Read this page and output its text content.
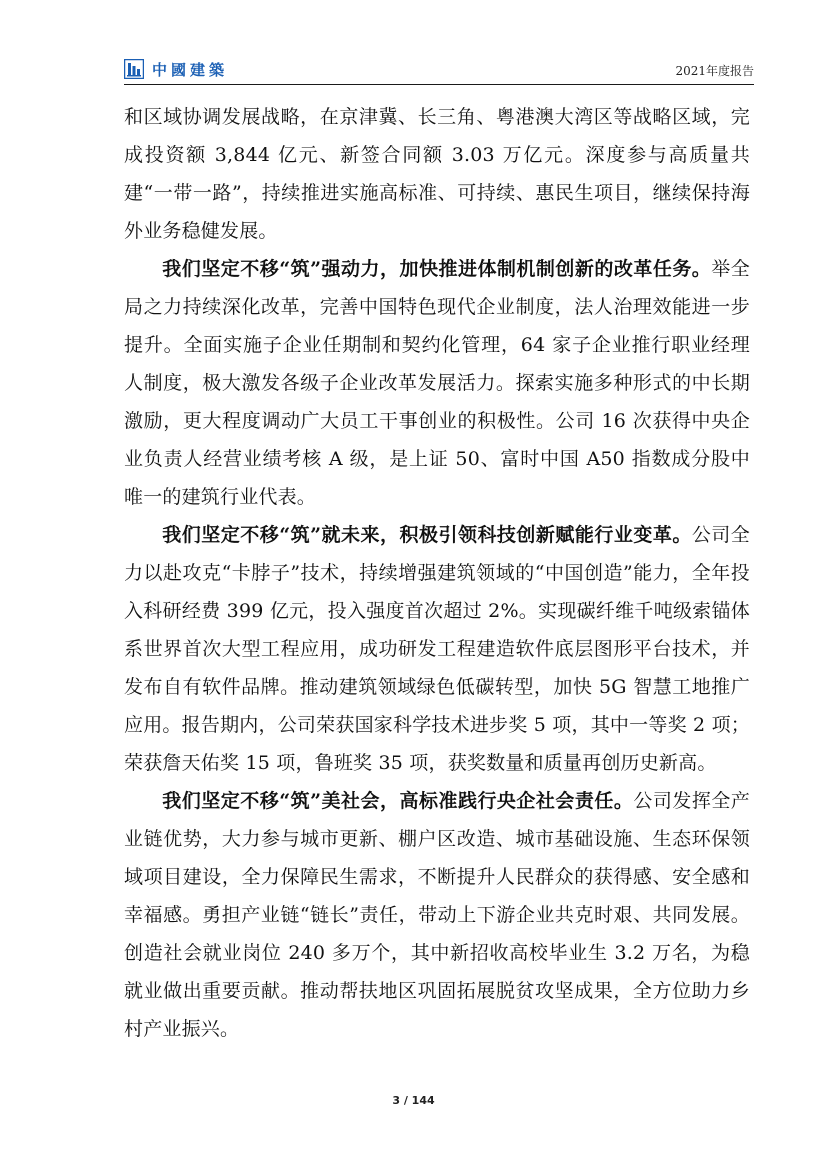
中國建築	2021年度报告

和区域协调发展战略，在京津冀、长三角、粤港澳大湾区等战略区域，完成投资额 3,844 亿元、新签合同额 3.03 万亿元。深度参与高质量共建“一带一路”，持续推进实施高标准、可持续、惠民生项目，继续保持海外业务稳健发展。

我们坚定不移“筑”强动力，加快推进体制机制创新的改革任务。举全局之力持续深化改革，完善中国特色现代企业制度，法人治理效能进一步提升。全面实施子企业任期制和契约化管理，64 家子企业推行职业经理人制度，极大激发各级子企业改革发展活力。探索实施多种形式的中长期激励，更大程度调动广大员工干事创业的积极性。公司 16 次获得中央企业负责人经营业绩考核 A 级，是上证 50、富时中国 A50 指数成分股中唯一的建筑行业代表。

我们坚定不移“筑”就未来，积极引领科技创新赋能行业变革。公司全力以赴攻克“卡脖子”技术，持续增强建筑领域的“中国创造”能力，全年投入科研经费 399 亿元，投入强度首次超过 2%。实现碳纤维千吨级索锚体系世界首次大型工程应用，成功研发工程建造软件底层图形平台技术，并发布自有软件品牌。推动建筑领域绿色低碳转型，加快 5G 智慧工地推广应用。报告期内，公司荣获国家科学技术进步奖 5 项，其中一等奖 2 项；荣获詹天佑奖 15 项，鲁班奖 35 项，获奖数量和质量再创历史新高。

我们坚定不移“筑”美社会，高标准践行央企社会责任。公司发挥全产业链优势，大力参与城市更新、棚户区改造、城市基础设施、生态环保领域项目建设，全力保障民生需求，不断提升人民群众的获得感、安全感和幸福感。勇担产业链“链长”责任，带动上下游企业共克时艰、共同发展。创造社会就业岗位 240 多万个，其中新招收高校毕业生 3.2 万名，为稳就业做出重要贡献。推动帮扶地区巩固拓展脱贫攻坚成果，全方位助力乡村产业振兴。

3 / 144
